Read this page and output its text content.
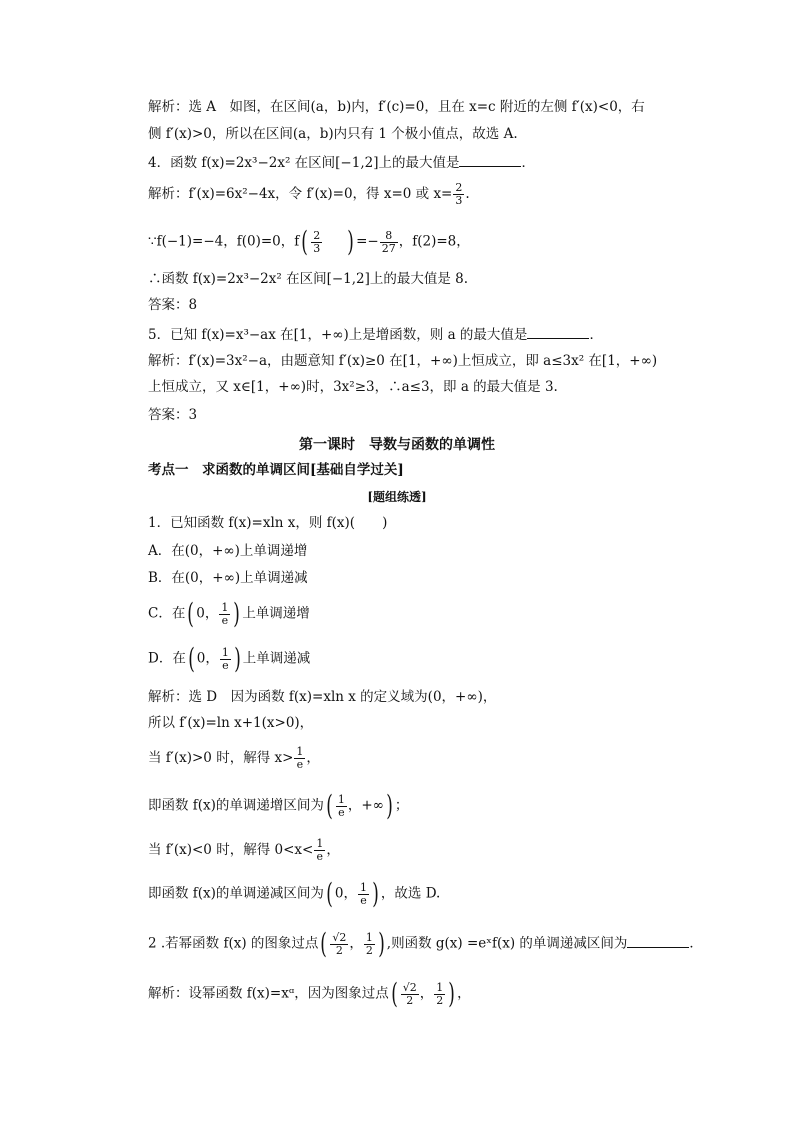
解析：选 A　如图，在区间(a，b)内，f′(c)=0，且在 x=c 附近的左侧 f′(x)<0，右
侧 f′(x)>0，所以在区间(a，b)内只有 1 个极小值点，故选 A.
4．函数 f(x)=2x³−2x² 在区间[−1,2]上的最大值是	．
解析：f′(x)=6x²−4x，令 f′(x)=0，得 x=0 或 $x= \frac{2}{3}$ .
∵f(−1)=−4，f(0)=0，$f( \frac{2}{3}$ ) =− $\frac{8}{27}$ ，f(2)=8，
∴函数 f(x)=2x³−2x² 在区间[−1,2]上的最大值是 8.
答案：8
5．已知 f(x)=x³−ax 在[1，+∞)上是增函数，则 a 的最大值是	．
解析：f′(x)=3x²−a，由题意知 f′(x)≥0 在[1，+∞)上恒成立，即 a≤3x² 在[1，+∞)
上恒成立，又 x∈[1，+∞)时，3x²≥3，∴a≤3，即 a 的最大值是 3.
答案：3
第一课时　导数与函数的单调性
考点一　求函数的单调区间[基础自学过关]
[题组练透]
1．已知函数 f(x)=xln x，则 f(x)(　　)
A．在(0，+∞)上单调递增
B．在(0，+∞)上单调递减
C．在( 0， $\frac{1}{e}$ ) 上单调递增
D．在( 0， $\frac{1}{e}$ ) 上单调递减
解析：选 D　因为函数 f(x)=xln x 的定义域为(0，+∞)，
所以 f′(x)=ln x+1(x>0)，
当 f′(x)>0 时，解得 $x> \frac{1}{e}$ ，
即函数 f(x)的单调递增区间为( $\frac{1}{e}$ ，+∞) ；
当 f′(x)<0 时，解得 $0<x< \frac{1}{e}$ ，
即函数 f(x)的单调递减区间为( 0， $\frac{1}{e}$ ) ，故选 D.
2 .若幂函数 f(x) 的图象过点( $\frac{√2}{2}$ ， $\frac{1}{2}$ ) ,则函数 g(x) =eˣf(x) 的单调递减区间为	．
解析：设幂函数 f(x)=xᵅ，因为图象过点( $\frac{√2}{2}$ ， $\frac{1}{2}$ ) ，
